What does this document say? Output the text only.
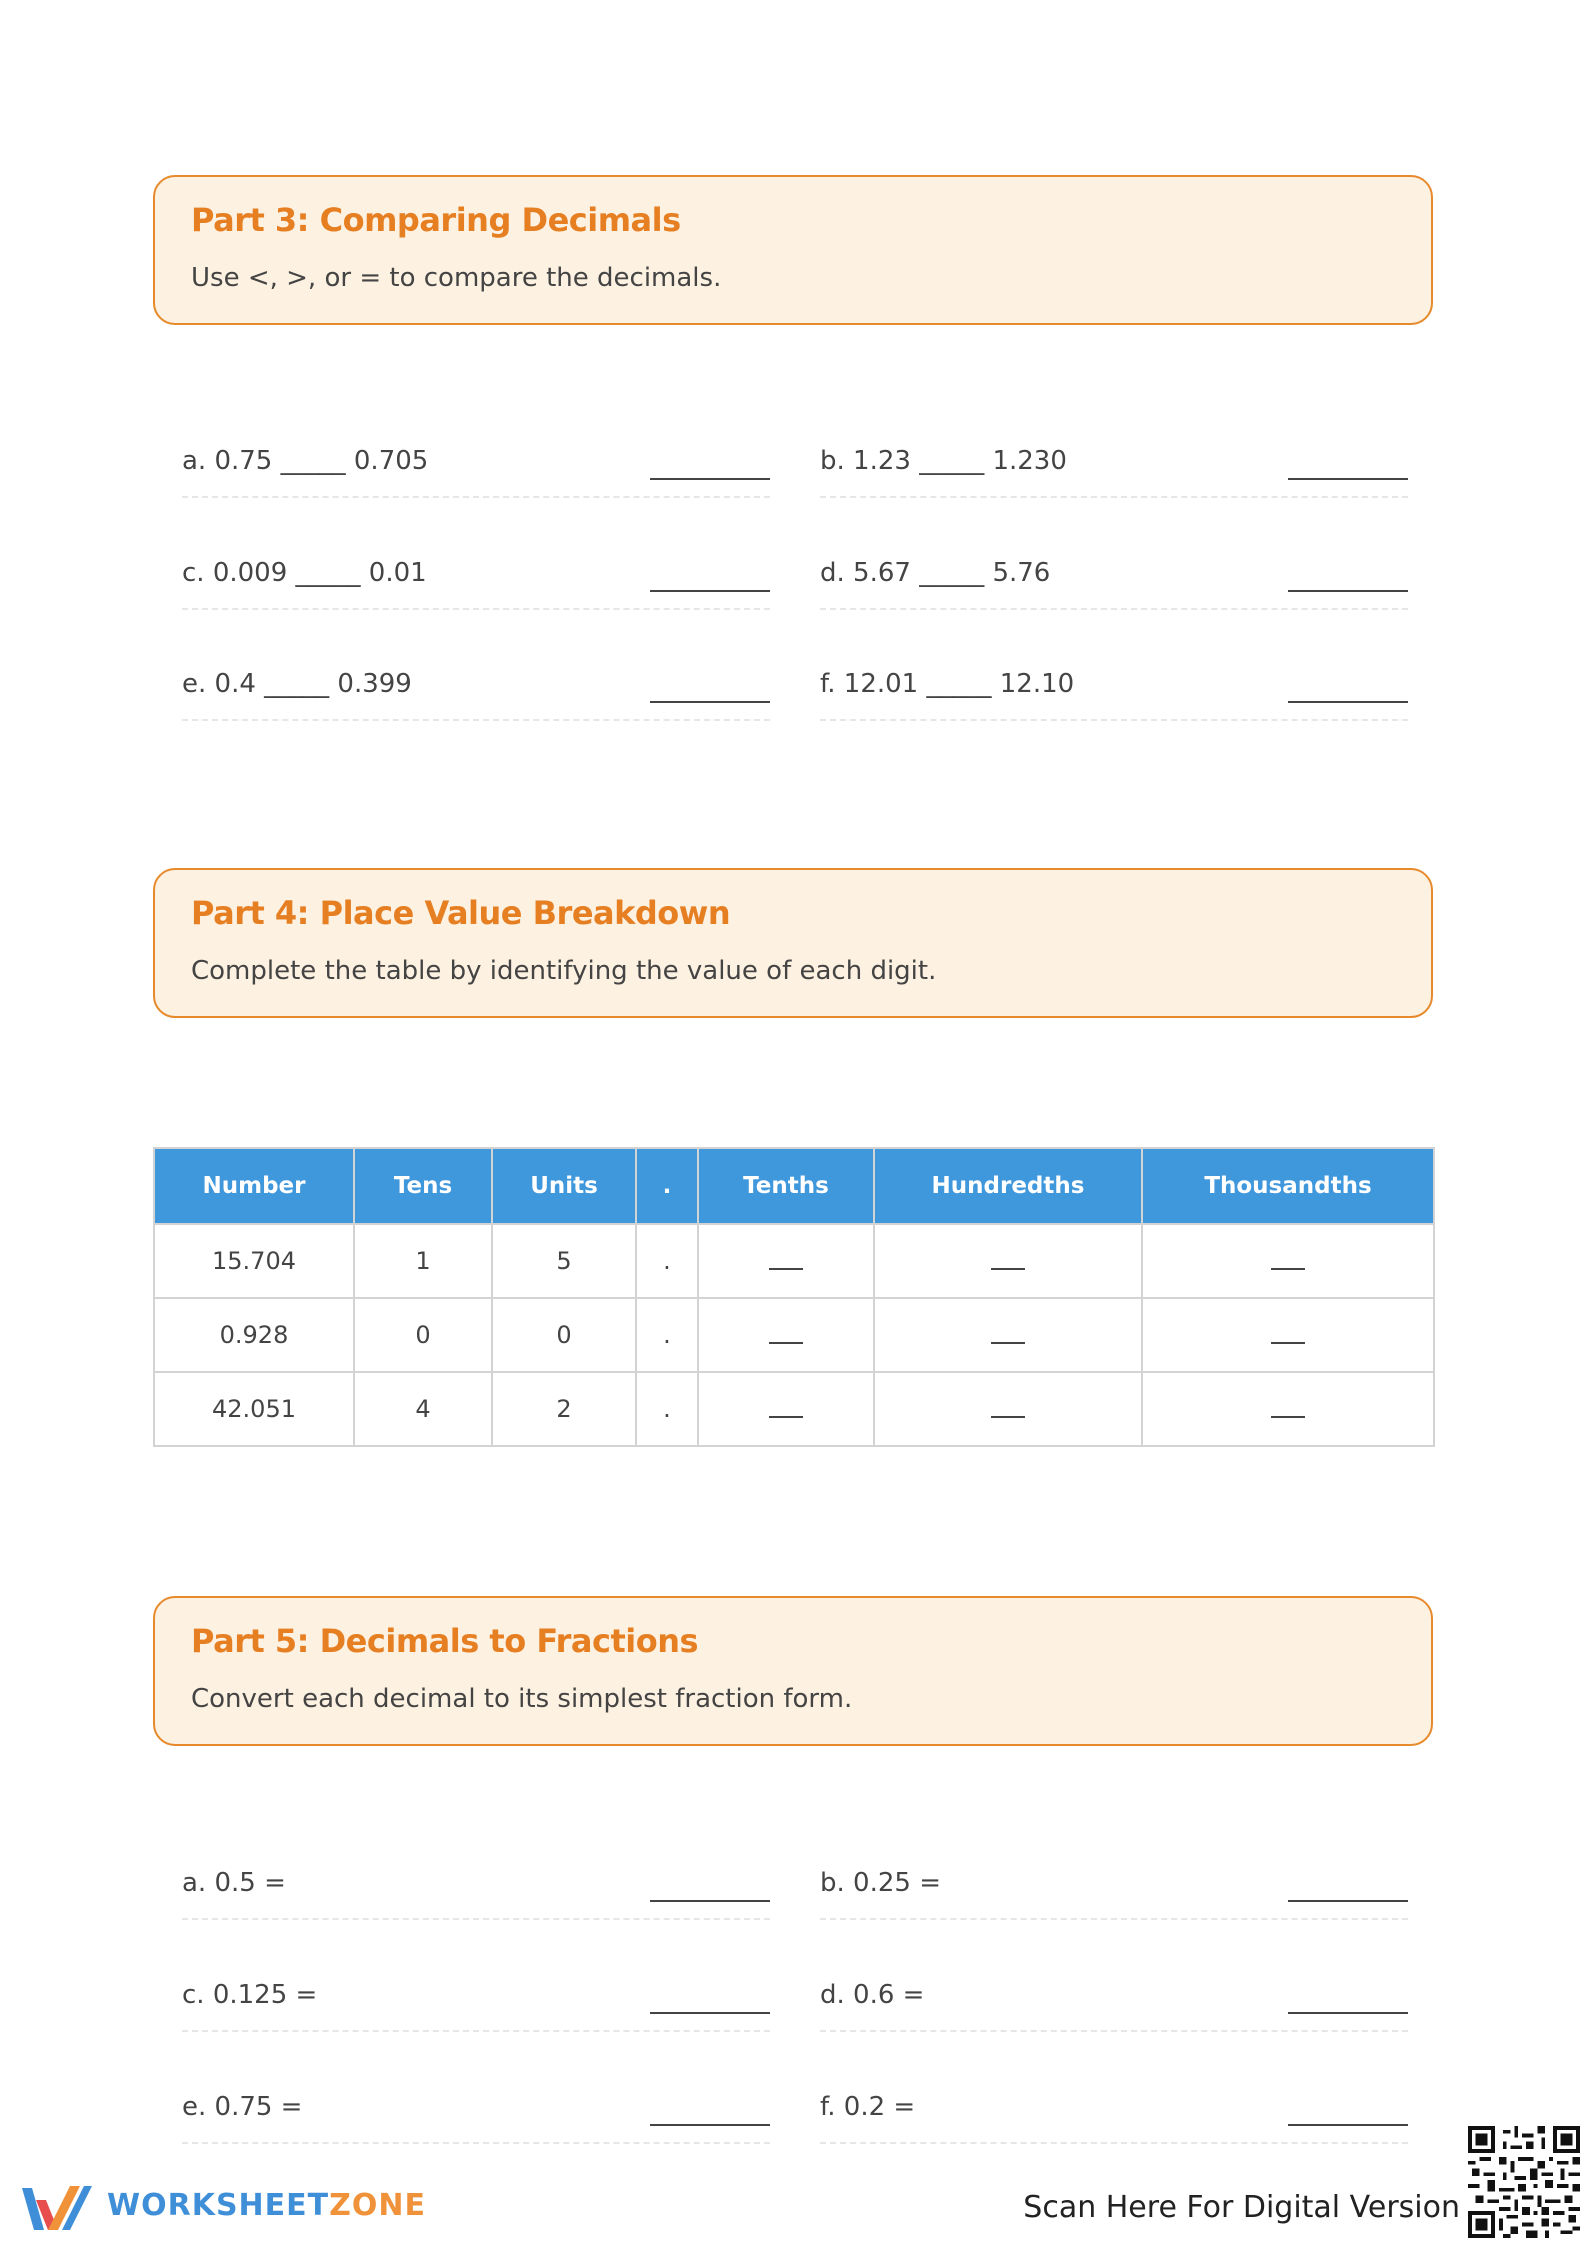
Part 3: Comparing Decimals
Use <, >, or = to compare the decimals.
a. 0.75 _____ 0.705	b. 1.23 _____ 1.230
c. 0.009 _____ 0.01	d. 5.67 _____ 5.76
e. 0.4 _____ 0.399	f. 12.01 _____ 12.10
Part 4: Place Value Breakdown
Complete the table by identifying the value of each digit.
Number	Tens	Units	.	Tenths	Hundredths	Thousandths
15.704	1	5	.			
0.928	0	0	.			
42.051	4	2	.			
Part 5: Decimals to Fractions
Convert each decimal to its simplest fraction form.
a. 0.5 =	b. 0.25 =
c. 0.125 =	d. 0.6 =
e. 0.75 =	f. 0.2 =
WORKSHEETZONE	Scan Here For Digital Version
